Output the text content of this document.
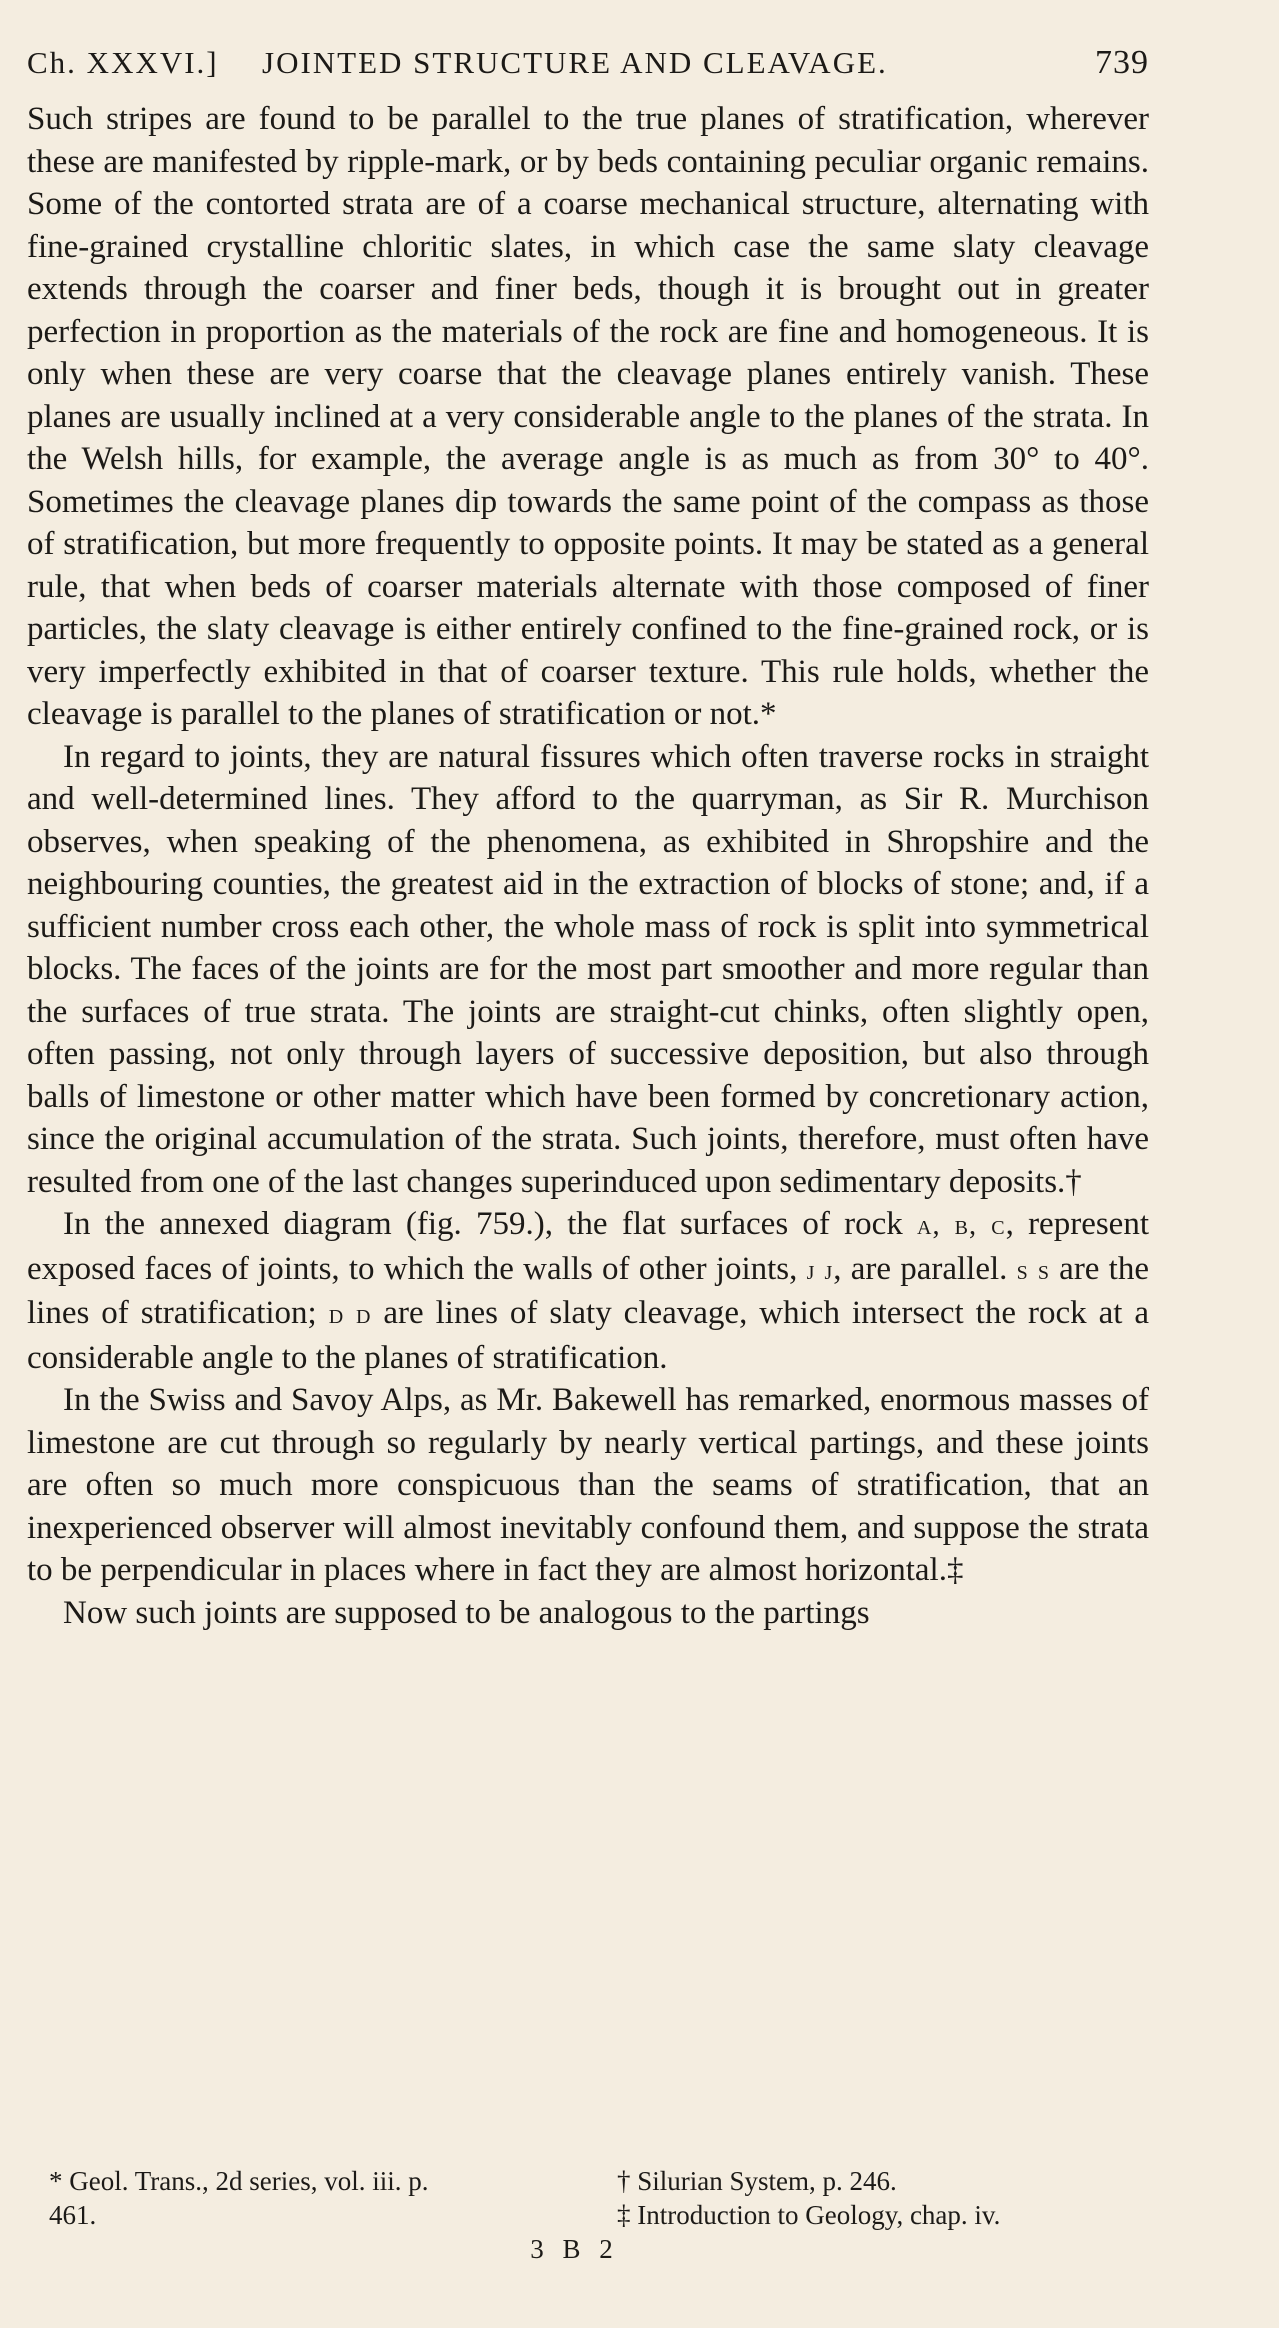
Ch. XXXVI.]	JOINTED STRUCTURE AND CLEAVAGE.	739

Such stripes are found to be parallel to the true planes of stratification, wherever these are manifested by ripple-mark, or by beds containing peculiar organic remains. Some of the contorted strata are of a coarse mechanical structure, alternating with fine-grained crystalline chloritic slates, in which case the same slaty cleavage extends through the coarser and finer beds, though it is brought out in greater perfection in proportion as the materials of the rock are fine and homogeneous. It is only when these are very coarse that the cleavage planes entirely vanish. These planes are usually inclined at a very considerable angle to the planes of the strata. In the Welsh hills, for example, the average angle is as much as from 30° to 40°. Sometimes the cleavage planes dip towards the same point of the compass as those of stratification, but more frequently to opposite points. It may be stated as a general rule, that when beds of coarser materials alternate with those composed of finer particles, the slaty cleavage is either entirely confined to the fine-grained rock, or is very imperfectly exhibited in that of coarser texture. This rule holds, whether the cleavage is parallel to the planes of stratification or not.*

In regard to joints, they are natural fissures which often traverse rocks in straight and well-determined lines. They afford to the quarryman, as Sir R. Murchison observes, when speaking of the phenomena, as exhibited in Shropshire and the neighbouring counties, the greatest aid in the extraction of blocks of stone; and, if a sufficient number cross each other, the whole mass of rock is split into symmetrical blocks. The faces of the joints are for the most part smoother and more regular than the surfaces of true strata. The joints are straight-cut chinks, often slightly open, often passing, not only through layers of successive deposition, but also through balls of limestone or other matter which have been formed by concretionary action, since the original accumulation of the strata. Such joints, therefore, must often have resulted from one of the last changes superinduced upon sedimentary deposits.†

In the annexed diagram (fig. 759.), the flat surfaces of rock a, b, c, represent exposed faces of joints, to which the walls of other joints, j j, are parallel. s s are the lines of stratification; d d are lines of slaty cleavage, which intersect the rock at a considerable angle to the planes of stratification.

In the Swiss and Savoy Alps, as Mr. Bakewell has remarked, enormous masses of limestone are cut through so regularly by nearly vertical partings, and these joints are often so much more conspicuous than the seams of stratification, that an inexperienced observer will almost inevitably confound them, and suppose the strata to be perpendicular in places where in fact they are almost horizontal.‡

Now such joints are supposed to be analogous to the partings

* Geol. Trans., 2d series, vol. iii. p.
461.
† Silurian System, p. 246.
‡ Introduction to Geology, chap. iv.
3 B 2
